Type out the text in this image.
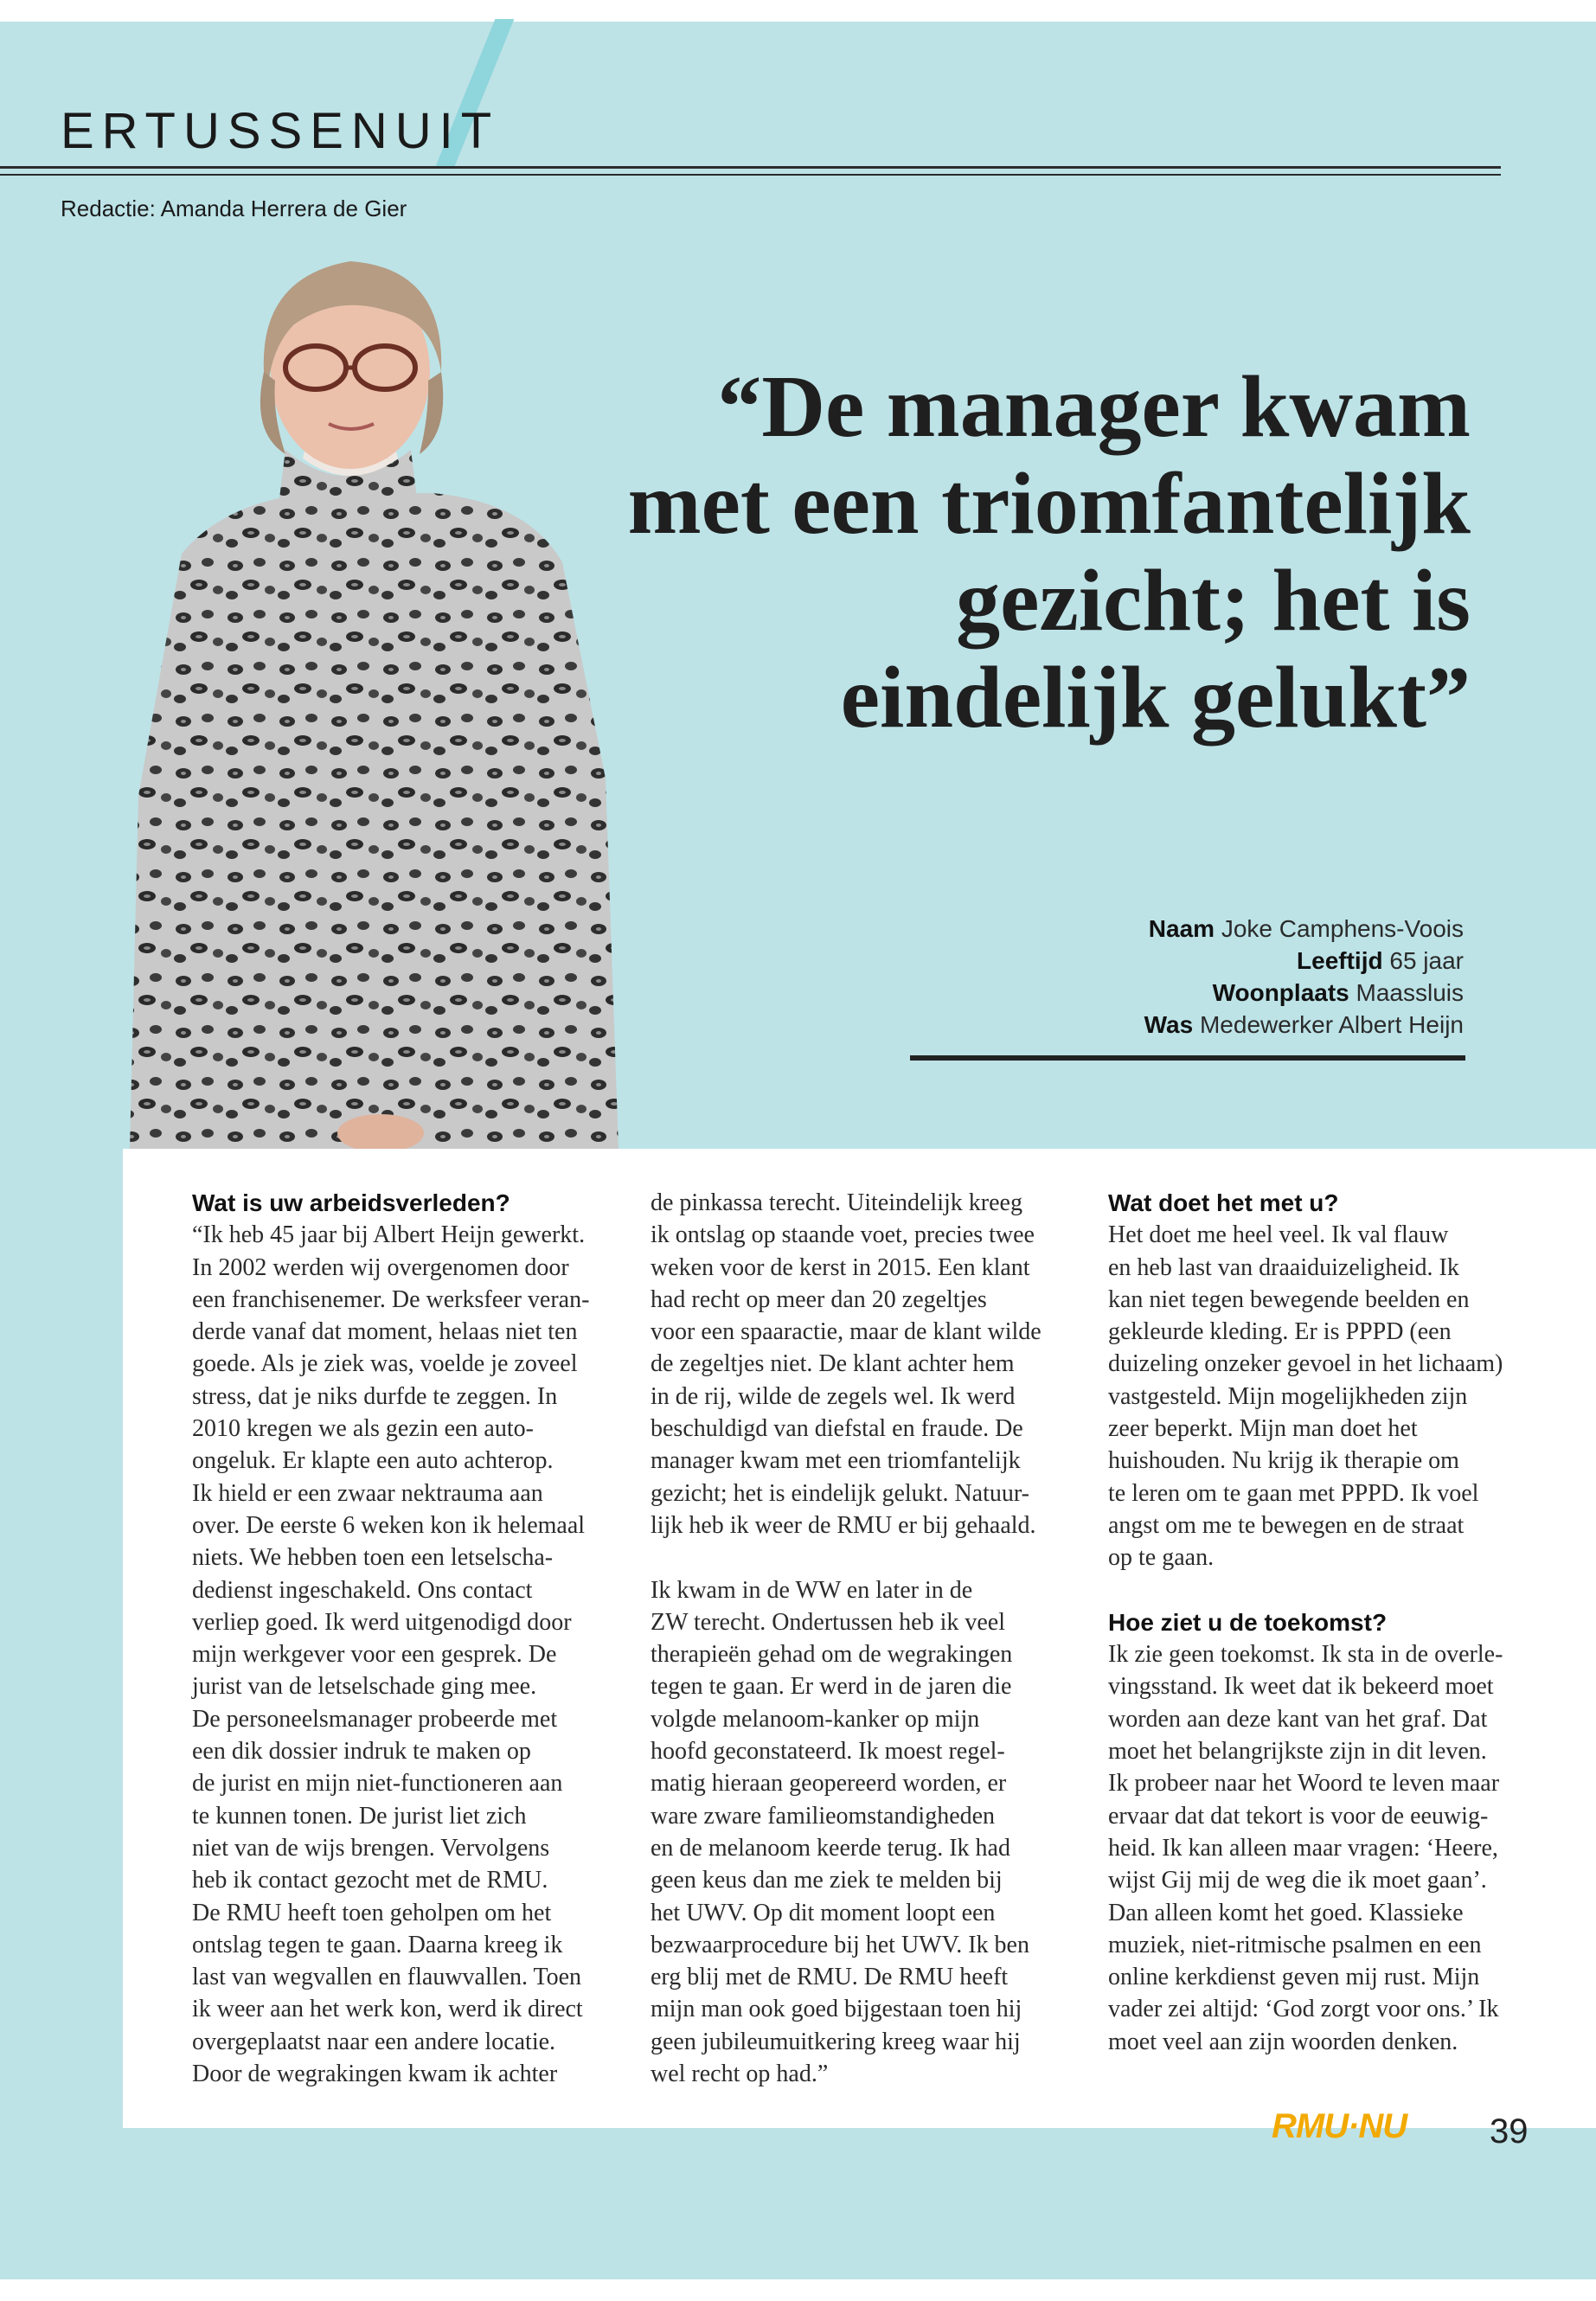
ERTUSSENUIT
Redactie: Amanda Herrera de Gier
“De manager kwam
met een triomfantelijk
gezicht; het is
eindelijk gelukt”
Naam Joke Camphens-Voois
Leeftijd 65 jaar
Woonplaats Maassluis
Was Medewerker Albert Heijn
Wat is uw arbeidsverleden?

“Ik heb 45 jaar bij Albert Heijn gewerkt.

In 2002 werden wij overgenomen door

een franchisenemer. De werksfeer veran-

derde vanaf dat moment, helaas niet ten

goede. Als je ziek was, voelde je zoveel

stress, dat je niks durfde te zeggen. In

2010 kregen we als gezin een auto-

ongeluk. Er klapte een auto achterop.

Ik hield er een zwaar nektrauma aan

over. De eerste 6 weken kon ik helemaal

niets. We hebben toen een letselscha-

dedienst ingeschakeld. Ons contact

verliep goed. Ik werd uitgenodigd door

mijn werkgever voor een gesprek. De

jurist van de letselschade ging mee.

De personeelsmanager probeerde met

een dik dossier indruk te maken op

de jurist en mijn niet-functioneren aan

te kunnen tonen. De jurist liet zich

niet van de wijs brengen. Vervolgens

heb ik contact gezocht met de RMU.

De RMU heeft toen geholpen om het

ontslag tegen te gaan. Daarna kreeg ik

last van wegvallen en flauwvallen. Toen

ik weer aan het werk kon, werd ik direct

overgeplaatst naar een andere locatie.

Door de wegrakingen kwam ik achter

de pinkassa terecht. Uiteindelijk kreeg

ik ontslag op staande voet, precies twee

weken voor de kerst in 2015. Een klant

had recht op meer dan 20 zegeltjes

voor een spaaractie, maar de klant wilde

de zegeltjes niet. De klant achter hem

in de rij, wilde de zegels wel. Ik werd

beschuldigd van diefstal en fraude. De

manager kwam met een triomfantelijk

gezicht; het is eindelijk gelukt. Natuur-

lijk heb ik weer de RMU er bij gehaald.

Ik kwam in de WW en later in de

ZW terecht. Ondertussen heb ik veel

therapieën gehad om de wegrakingen

tegen te gaan. Er werd in de jaren die

volgde melanoom-kanker op mijn

hoofd geconstateerd. Ik moest regel-

matig hieraan geopereerd worden, er

ware zware familieomstandigheden

en de melanoom keerde terug. Ik had

geen keus dan me ziek te melden bij

het UWV. Op dit moment loopt een

bezwaarprocedure bij het UWV. Ik ben

erg blij met de RMU. De RMU heeft

mijn man ook goed bijgestaan toen hij

geen jubileumuitkering kreeg waar hij

wel recht op had.”

Wat doet het met u?

Het doet me heel veel. Ik val flauw

en heb last van draaiduizeligheid. Ik

kan niet tegen bewegende beelden en

gekleurde kleding. Er is PPPD (een

duizeling onzeker gevoel in het lichaam)

vastgesteld. Mijn mogelijkheden zijn

zeer beperkt. Mijn man doet het

huishouden. Nu krijg ik therapie om

te leren om te gaan met PPPD. Ik voel

angst om me te bewegen en de straat

op te gaan.

Hoe ziet u de toekomst?

Ik zie geen toekomst. Ik sta in de overle-

vingsstand. Ik weet dat ik bekeerd moet

worden aan deze kant van het graf. Dat

moet het belangrijkste zijn in dit leven.

Ik probeer naar het Woord te leven maar

ervaar dat dat tekort is voor de eeuwig-

heid. Ik kan alleen maar vragen: ‘Heere,

wijst Gij mij de weg die ik moet gaan’.

Dan alleen komt het goed. Klassieke

muziek, niet-ritmische psalmen en een

online kerkdienst geven mij rust. Mijn

vader zei altijd: ‘God zorgt voor ons.’ Ik

moet veel aan zijn woorden denken.

RMU·NU	39
